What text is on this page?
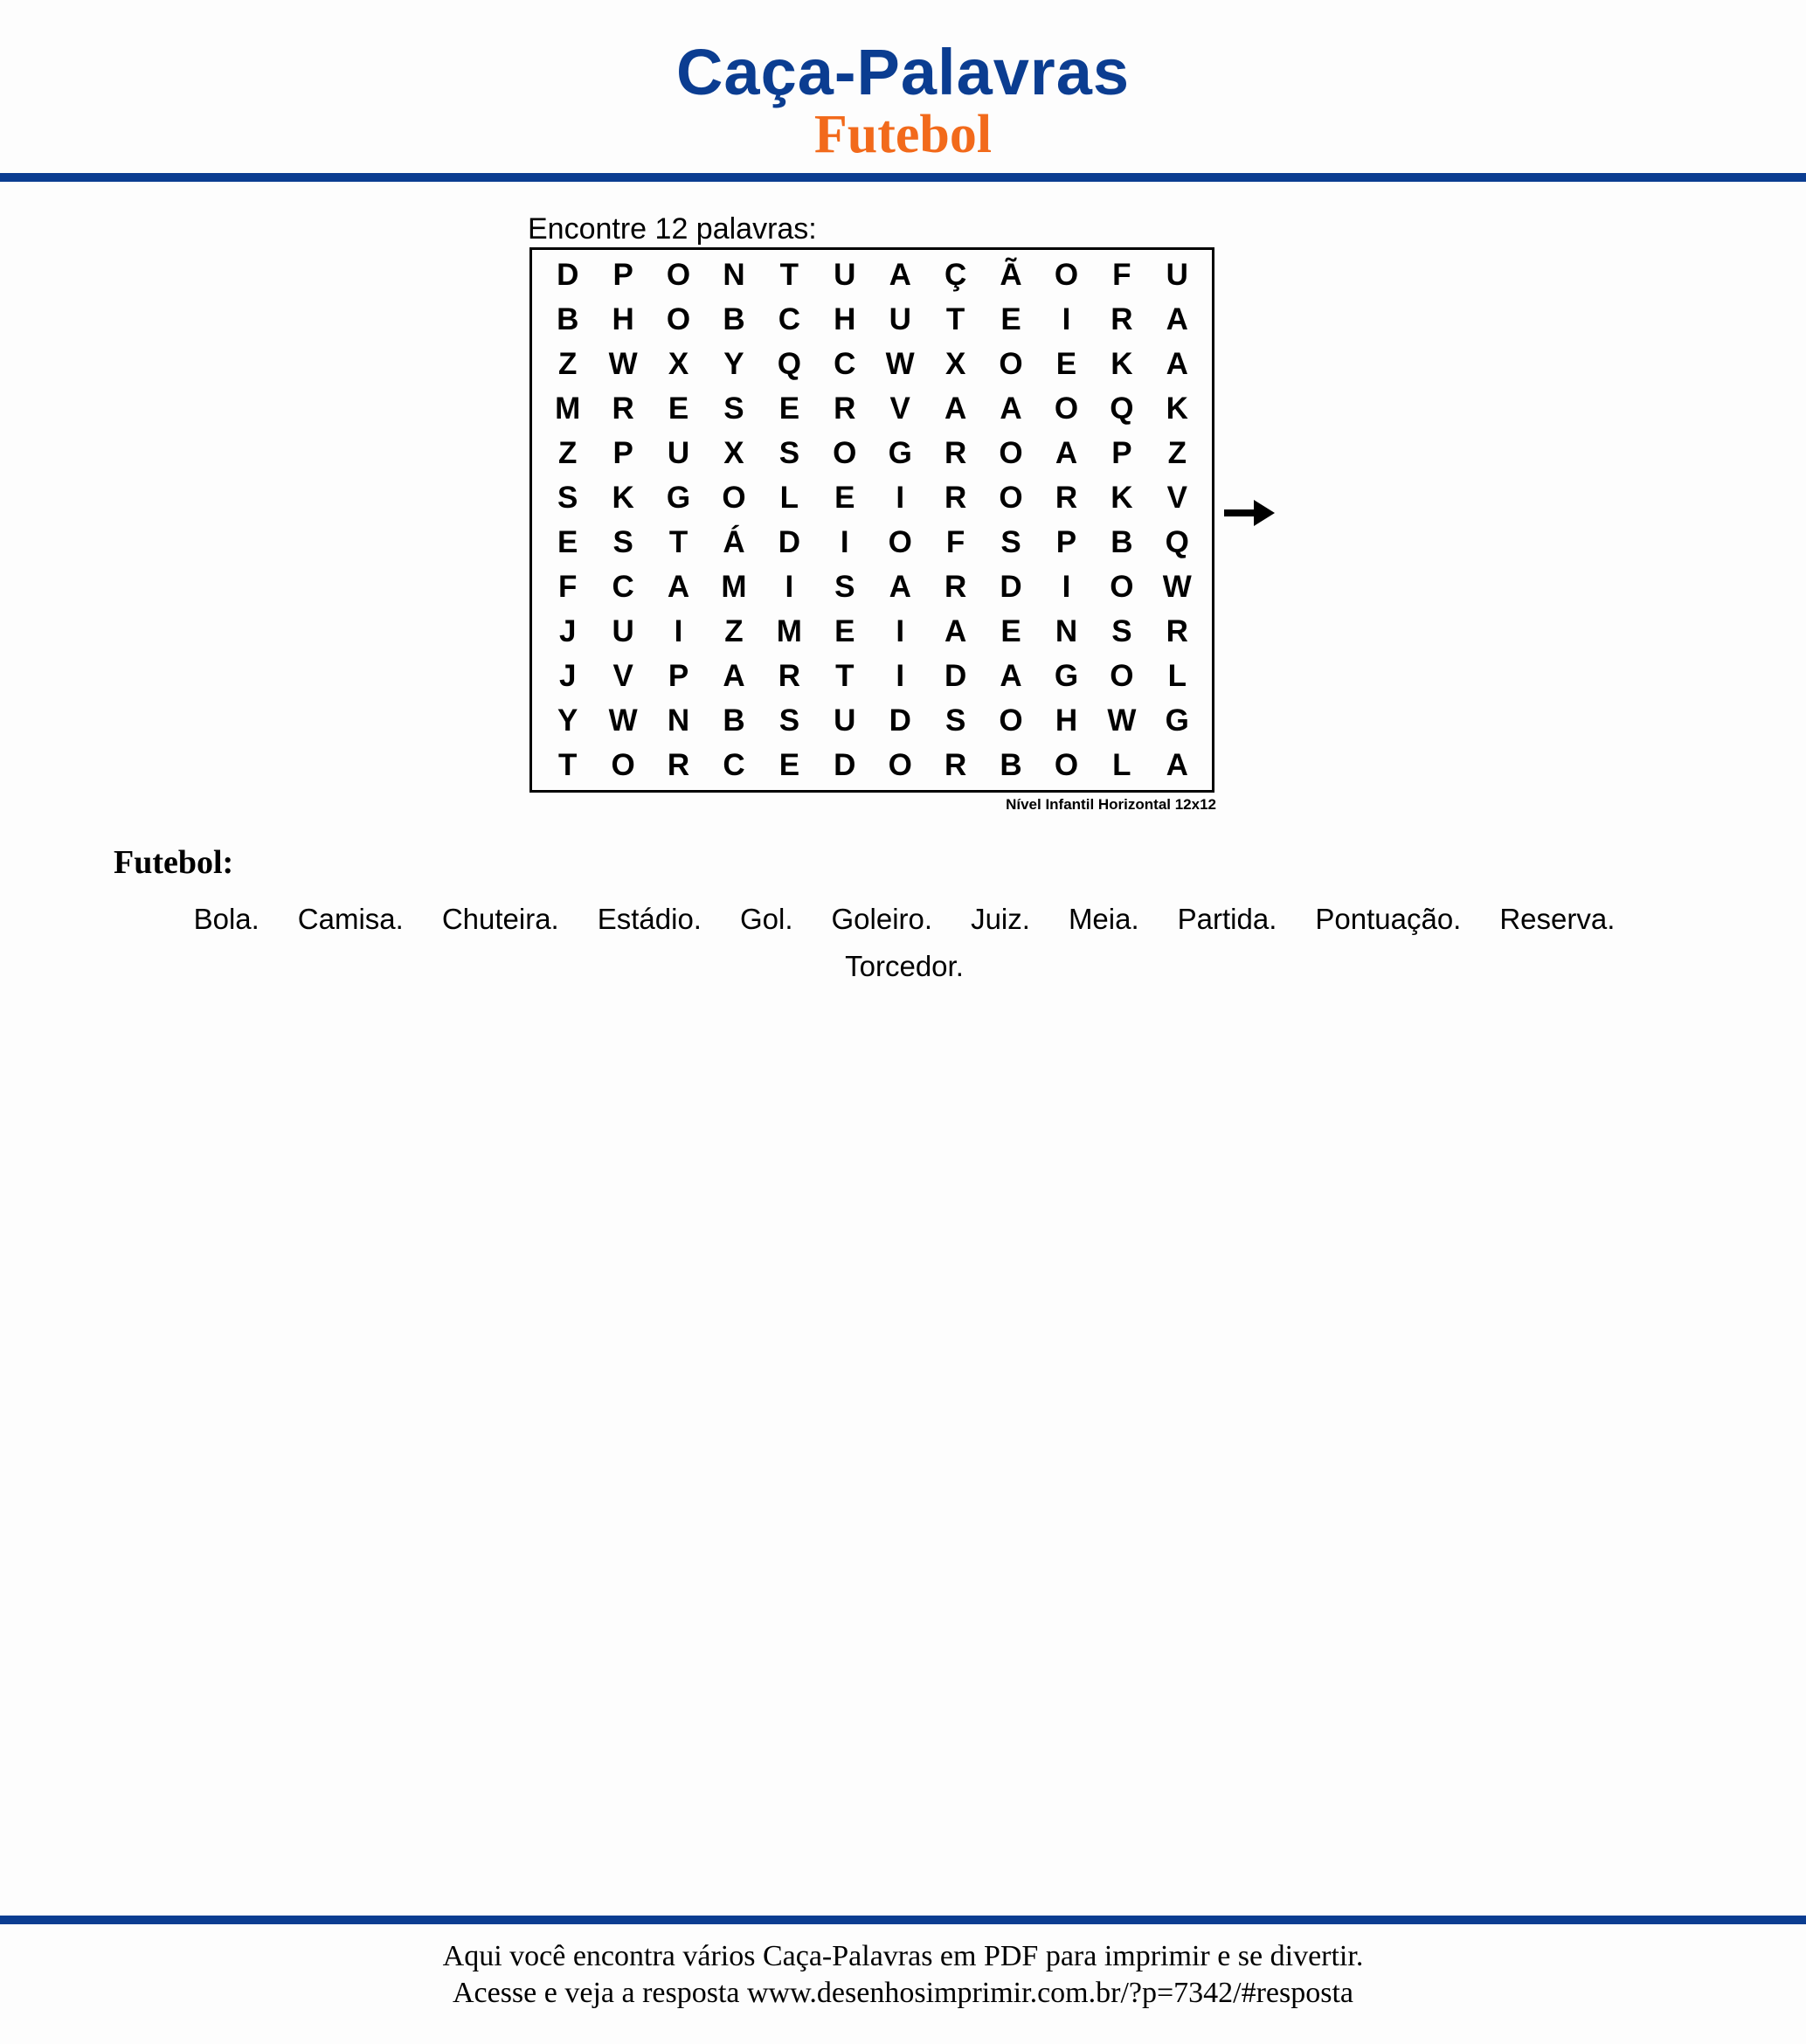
Caça-Palavras
Futebol
Encontre 12 palavras:
D	P	O	N	T	U	A	Ç	Ã	O	F	U
B	H	O	B	C	H	U	T	E	I	R	A
Z	W	X	Y	Q	C W	X	O	E	K	A
M	R	E	S	E	R	V	A	A	O	Q	K
Z	P	U	X	S	O	G	R	O	A	P	Z
S	K	G	O	L	E	I	R	O	R	K	V
E	S	T	Á	D	I	O	F	S	P	B	Q
F	C	A	M	I	S	A	R	D	I	O W
J	U	I	Z	M	E	I	A	E	N	S	R
J	V	P	A	R	T	I	D	A	G	O	L
Y	W N	B	S	U	D	S	O	H W G
T	O	R	C	E	D	O	R	B	O	L	A
Nível Infantil Horizontal 12x12
Futebol:
Bola. Camisa. Chuteira. Estádio. Gol. Goleiro. Juiz. Meia. Partida. Pontuação. Reserva.
Torcedor.
Aqui você encontra vários Caça-Palavras em PDF para imprimir e se divertir.
Acesse e veja a resposta www.desenhosimprimir.com.br/?p=7342/#resposta
